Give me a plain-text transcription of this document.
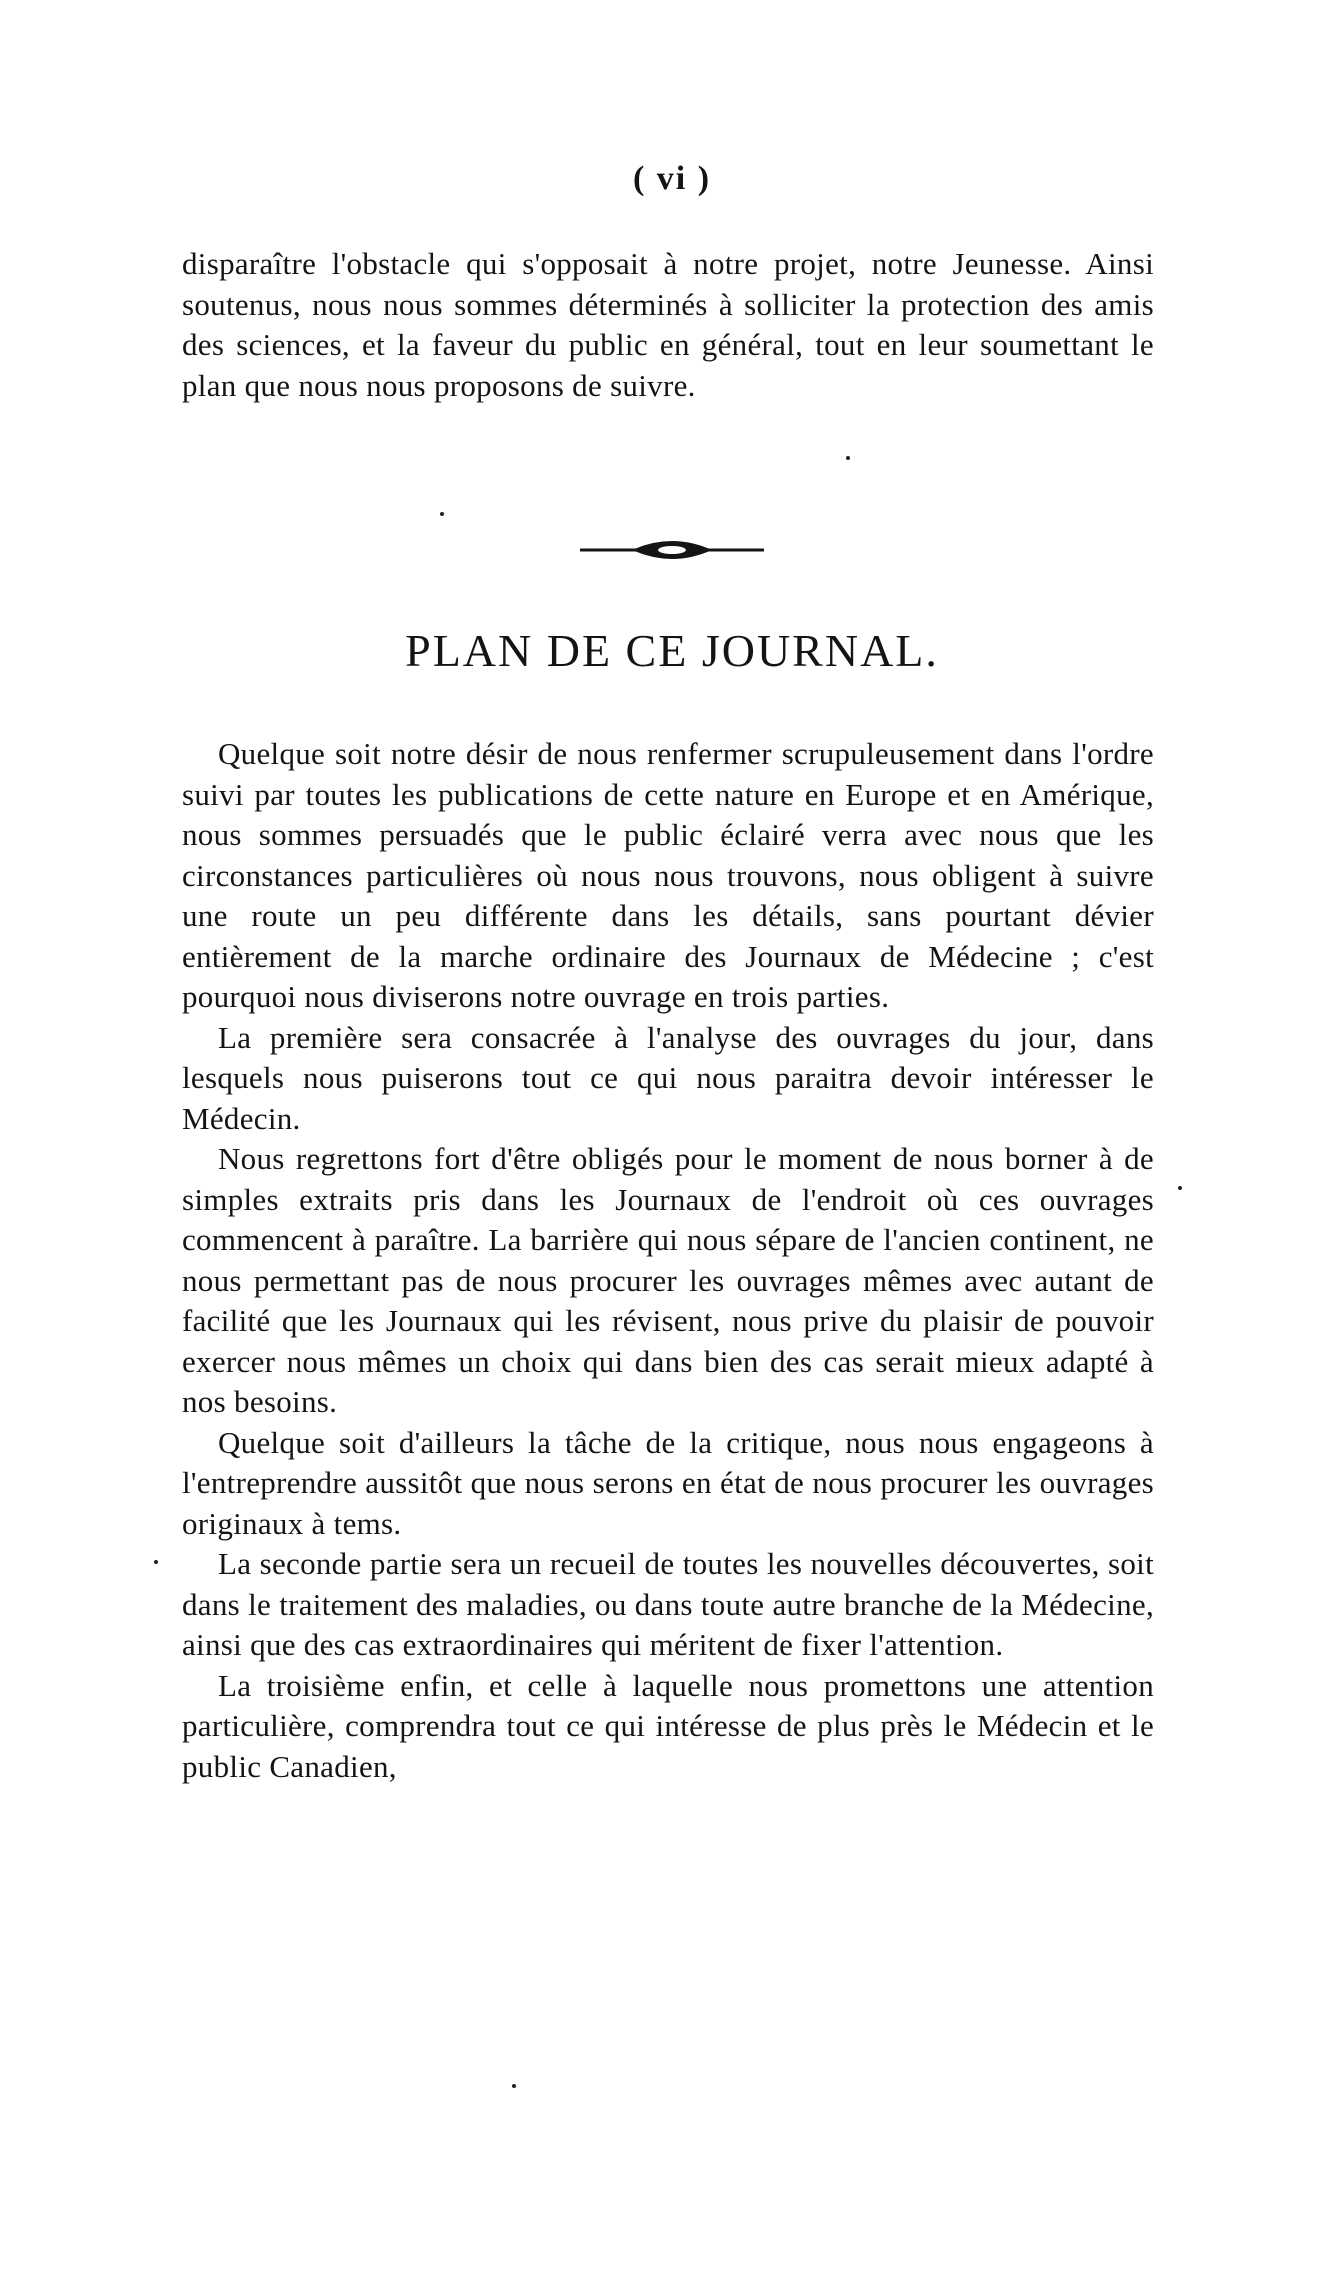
( vi )

disparaître l'obstacle qui s'opposait à notre projet, notre Jeunesse. Ainsi soutenus, nous nous sommes déterminés à solliciter la protection des amis des sciences, et la faveur du public en général, tout en leur soumettant le plan que nous nous proposons de suivre.

PLAN DE CE JOURNAL.

Quelque soit notre désir de nous renfermer scrupuleusement dans l'ordre suivi par toutes les publications de cette nature en Europe et en Amérique, nous sommes persuadés que le public éclairé verra avec nous que les circonstances particulières où nous nous trouvons, nous obligent à suivre une route un peu différente dans les détails, sans pourtant dévier entièrement de la marche ordinaire des Journaux de Médecine ; c'est pourquoi nous diviserons notre ouvrage en trois parties.

La première sera consacrée à l'analyse des ouvrages du jour, dans lesquels nous puiserons tout ce qui nous paraitra devoir intéresser le Médecin.

Nous regrettons fort d'être obligés pour le moment de nous borner à de simples extraits pris dans les Journaux de l'endroit où ces ouvrages commencent à paraître. La barrière qui nous sépare de l'ancien continent, ne nous permettant pas de nous procurer les ouvrages mêmes avec autant de facilité que les Journaux qui les révisent, nous prive du plaisir de pouvoir exercer nous mêmes un choix qui dans bien des cas serait mieux adapté à nos besoins.

Quelque soit d'ailleurs la tâche de la critique, nous nous engageons à l'entreprendre aussitôt que nous serons en état de nous procurer les ouvrages originaux à tems.

La seconde partie sera un recueil de toutes les nouvelles découvertes, soit dans le traitement des maladies, ou dans toute autre branche de la Médecine, ainsi que des cas extraordinaires qui méritent de fixer l'attention.

La troisième enfin, et celle à laquelle nous promettons une attention particulière, comprendra tout ce qui intéresse de plus près le Médecin et le public Canadien,
